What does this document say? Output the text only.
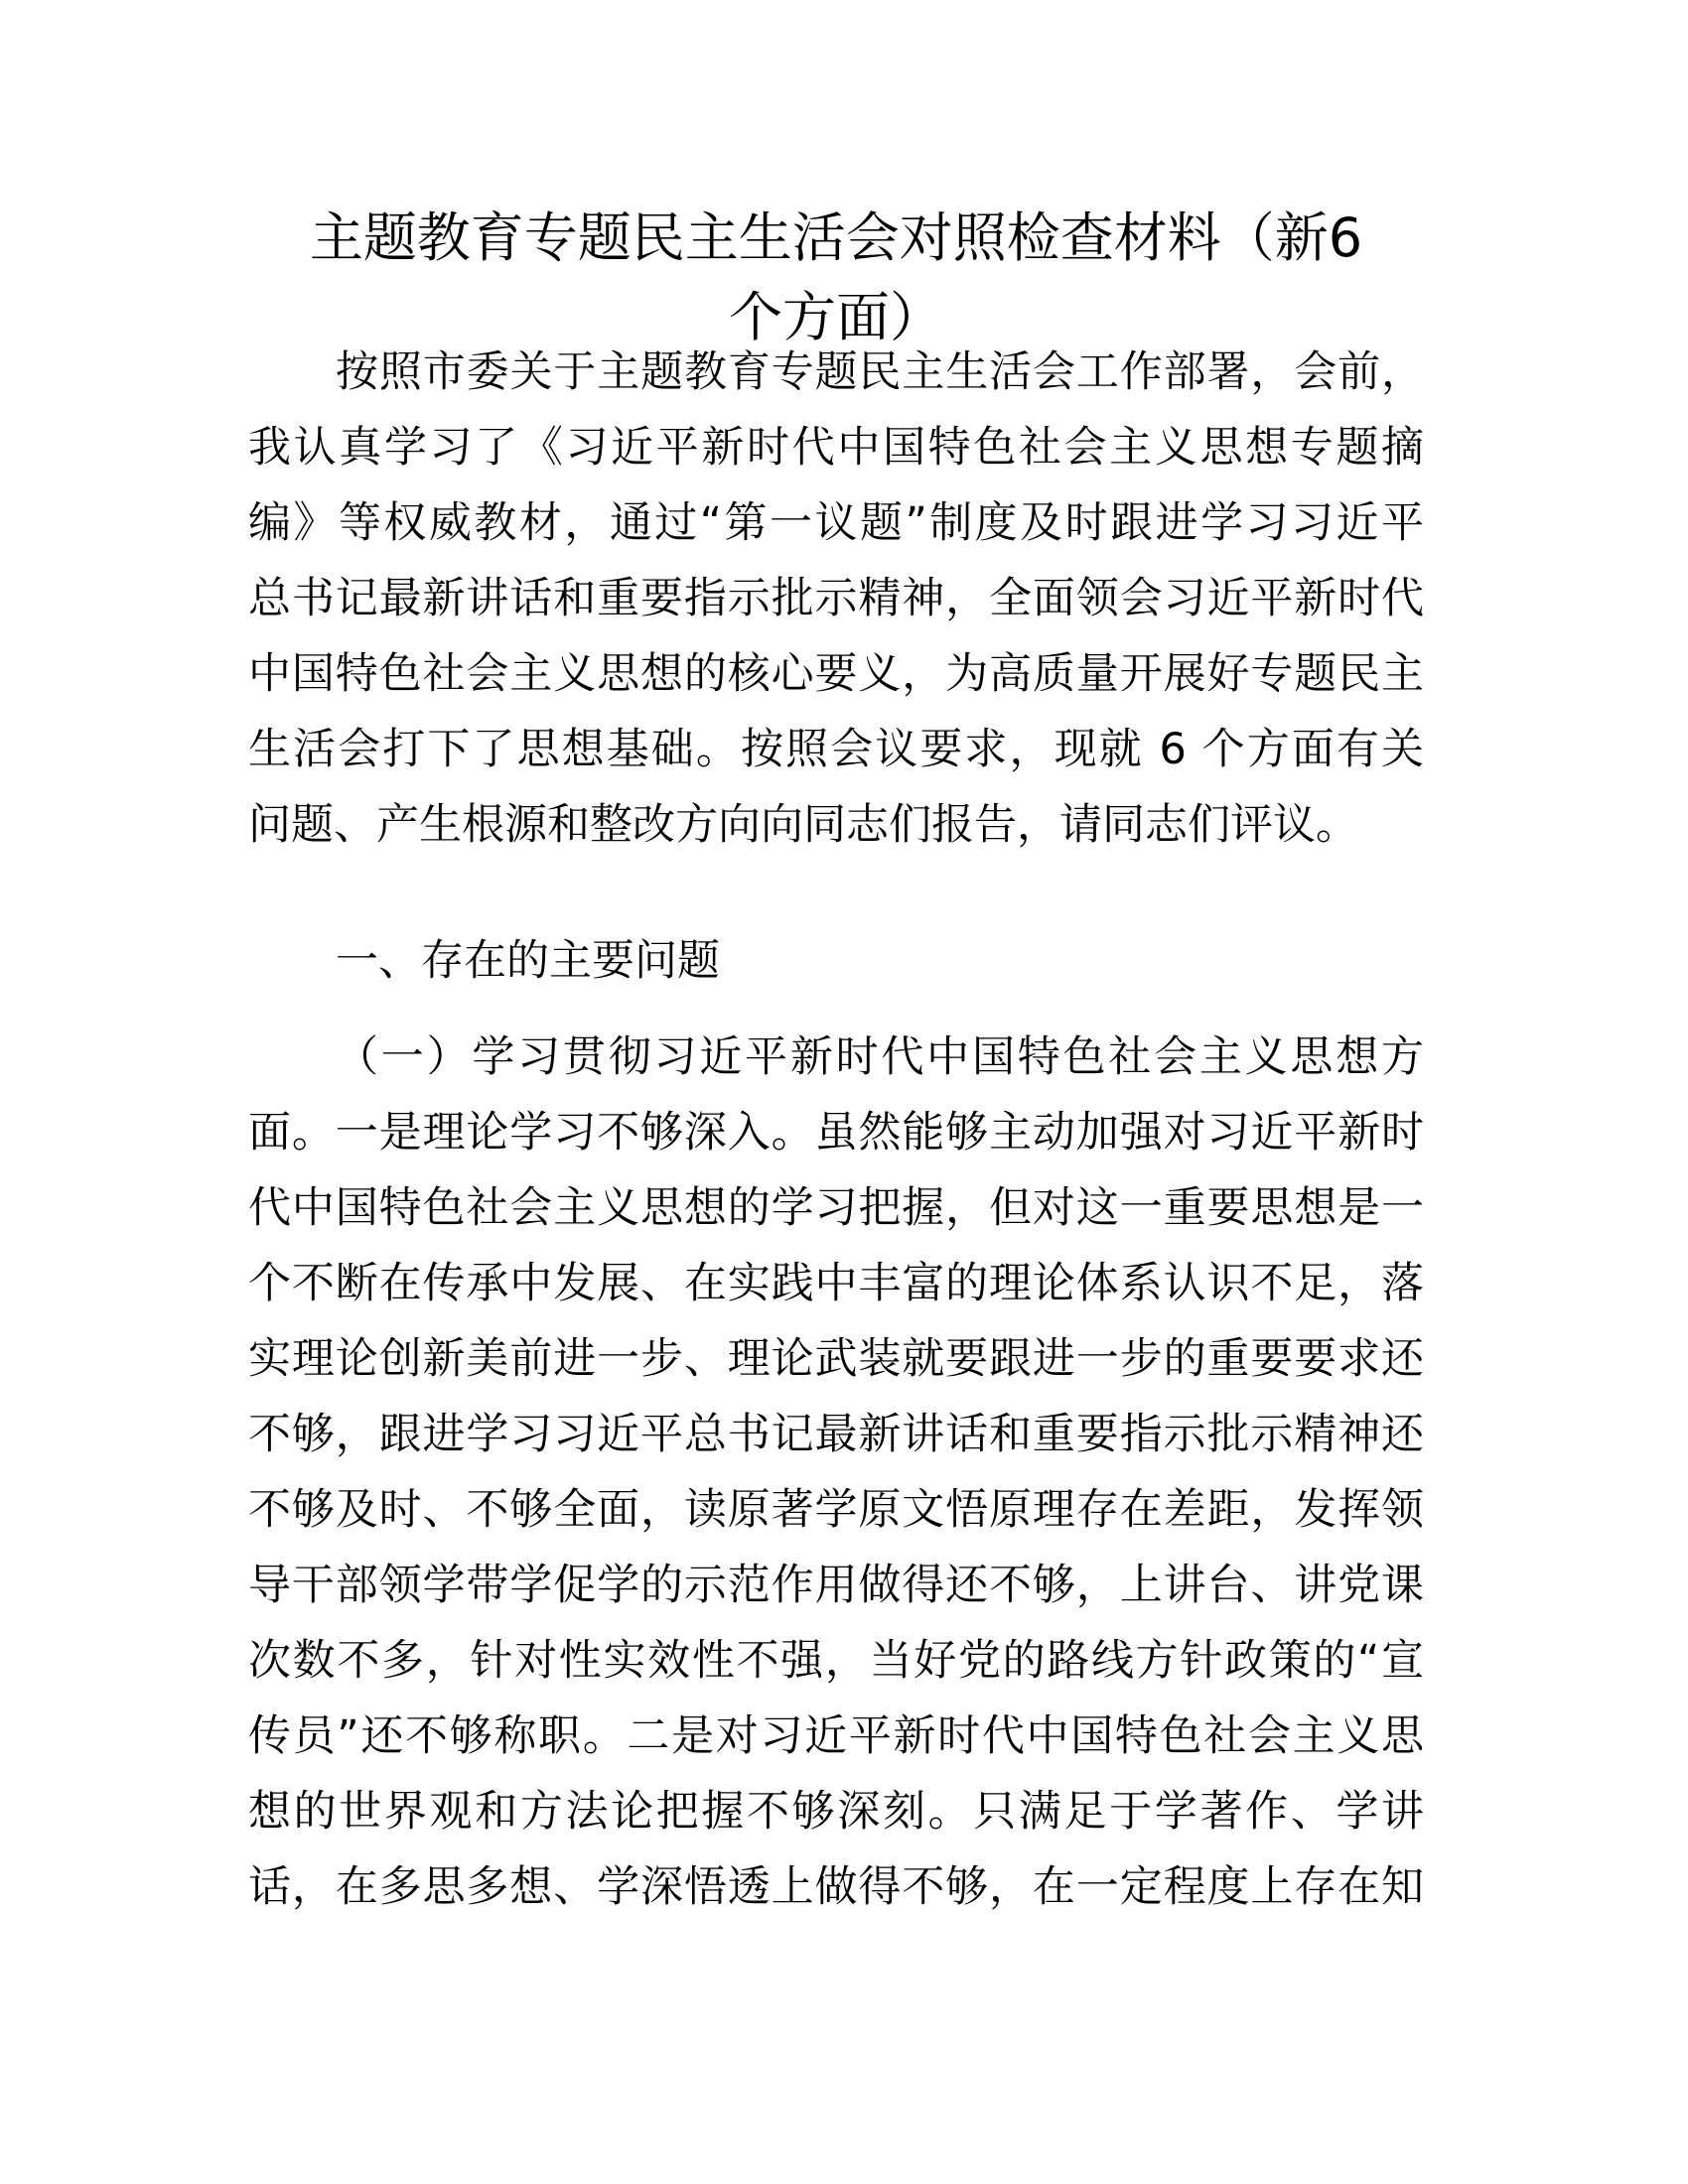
主题教育专题民主生活会对照检查材料（新6
个方面）
按照市委关于主题教育专题民主生活会工作部署，会前，
我认真学习了《习近平新时代中国特色社会主义思想专题摘
编》等权威教材，通过“第一议题”制度及时跟进学习习近平
总书记最新讲话和重要指示批示精神，全面领会习近平新时代
中国特色社会主义思想的核心要义，为高质量开展好专题民主
生活会打下了思想基础。按照会议要求，现就 6 个方面有关
问题、产生根源和整改方向向同志们报告，请同志们评议。
一、存在的主要问题
（一）学习贯彻习近平新时代中国特色社会主义思想方
面。一是理论学习不够深入。虽然能够主动加强对习近平新时
代中国特色社会主义思想的学习把握，但对这一重要思想是一
个不断在传承中发展、在实践中丰富的理论体系认识不足，落
实理论创新美前进一步、理论武装就要跟进一步的重要要求还
不够，跟进学习习近平总书记最新讲话和重要指示批示精神还
不够及时、不够全面，读原著学原文悟原理存在差距，发挥领
导干部领学带学促学的示范作用做得还不够，上讲台、讲党课
次数不多，针对性实效性不强，当好党的路线方针政策的“宣
传员”还不够称职。二是对习近平新时代中国特色社会主义思
想的世界观和方法论把握不够深刻。只满足于学著作、学讲
话，在多思多想、学深悟透上做得不够，在一定程度上存在知
